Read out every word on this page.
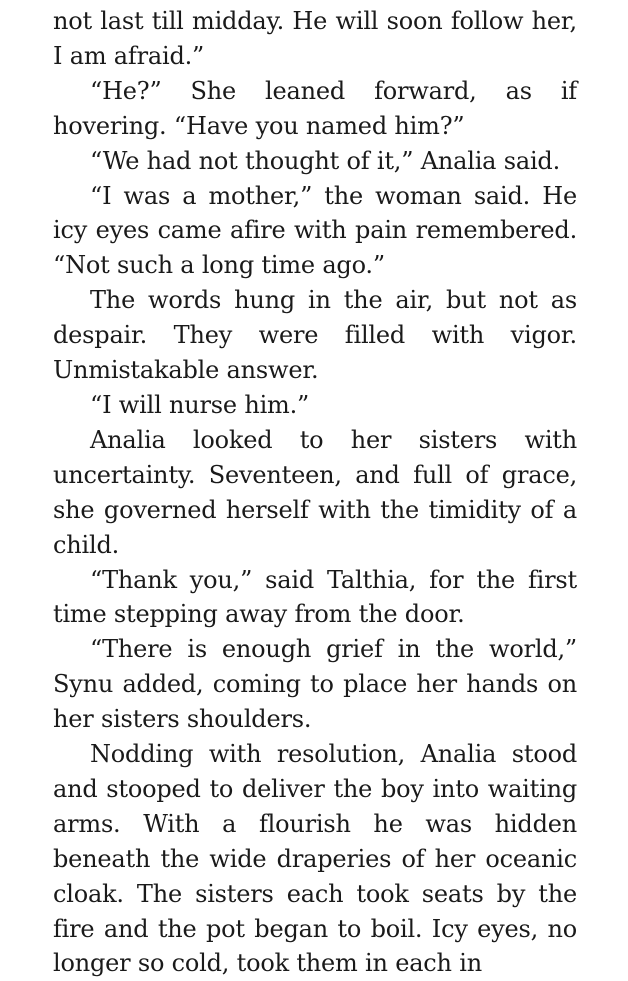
not last till midday. He will soon follow her, I am afraid.”

“He?” She leaned forward, as if hovering. “Have you named him?”

“We had not thought of it,” Analia said.

“I was a mother,” the woman said. He icy eyes came afire with pain remembered. “Not such a long time ago.”

The words hung in the air, but not as despair. They were filled with vigor. Unmistakable answer.

“I will nurse him.”

Analia looked to her sisters with uncertainty. Seventeen, and full of grace, she governed herself with the timidity of a child.

“Thank you,” said Talthia, for the first time stepping away from the door.

“There is enough grief in the world,” Synu added, coming to place her hands on her sisters shoulders.

Nodding with resolution, Analia stood and stooped to deliver the boy into waiting arms. With a flourish he was hidden beneath the wide draperies of her oceanic cloak. The sisters each took seats by the fire and the pot began to boil. Icy eyes, no longer so cold, took them in each in
